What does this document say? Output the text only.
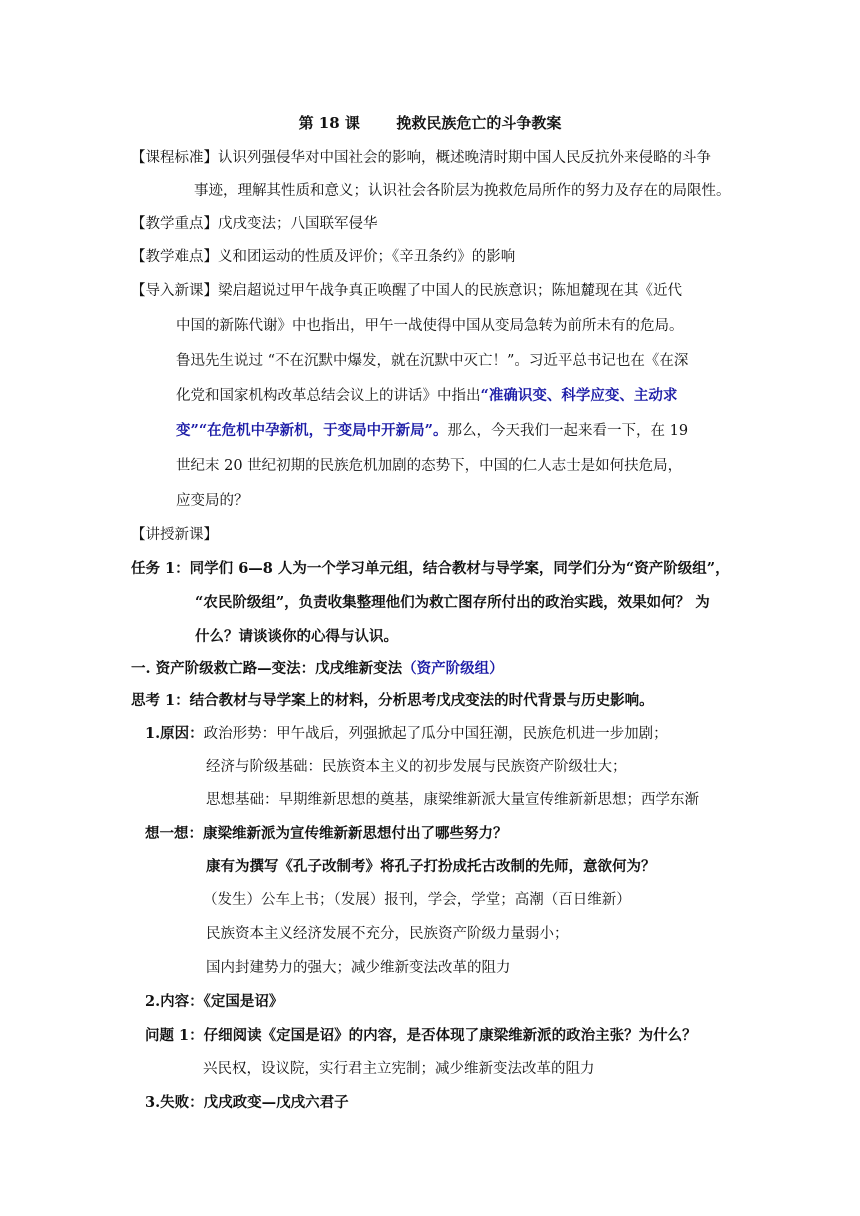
第 18 课       挽救民族危亡的斗争教案
【课程标准】认识列强侵华对中国社会的影响，概述晚清时期中国人民反抗外来侵略的斗争
事迹，理解其性质和意义；认识社会各阶层为挽救危局所作的努力及存在的局限性。
【教学重点】戊戌变法；八国联军侵华
【教学难点】义和团运动的性质及评价；《辛丑条约》的影响
【导入新课】梁启超说过甲午战争真正唤醒了中国人的民族意识；陈旭麓现在其《近代
中国的新陈代谢》中也指出，甲午一战使得中国从变局急转为前所未有的危局。
鲁迅先生说过 “不在沉默中爆发，就在沉默中灭亡！”。习近平总书记也在《在深
化党和国家机构改革总结会议上的讲话》中指出“准确识变、科学应变、主动求
变”“在危机中孕新机，于变局中开新局”。那么，今天我们一起来看一下，在 19
世纪末 20 世纪初期的民族危机加剧的态势下，中国的仁人志士是如何扶危局，
应变局的？
【讲授新课】
任务 1：同学们 6—8 人为一个学习单元组，结合教材与导学案，同学们分为“资产阶级组”，
“农民阶级组”，负责收集整理他们为救亡图存所付出的政治实践，效果如何？ 为
什么？请谈谈你的心得与认识。
一. 资产阶级救亡路—变法：戊戌维新变法（资产阶级组）
思考 1：结合教材与导学案上的材料，分析思考戊戌变法的时代背景与历史影响。
1.原因：政治形势：甲午战后，列强掀起了瓜分中国狂潮，民族危机进一步加剧；
经济与阶级基础：民族资本主义的初步发展与民族资产阶级壮大；
思想基础：早期维新思想的奠基，康梁维新派大量宣传维新新思想；西学东渐
想一想：康梁维新派为宣传维新新思想付出了哪些努力？
康有为撰写《孔子改制考》将孔子打扮成托古改制的先师，意欲何为？
（发生）公车上书；（发展）报刊，学会，学堂；高潮（百日维新）
民族资本主义经济发展不充分，民族资产阶级力量弱小；
国内封建势力的强大；减少维新变法改革的阻力
2.内容：《定国是诏》
问题 1：仔细阅读《定国是诏》的内容，是否体现了康梁维新派的政治主张？为什么？
兴民权，设议院，实行君主立宪制；减少维新变法改革的阻力
3.失败：戊戌政变—戊戌六君子
